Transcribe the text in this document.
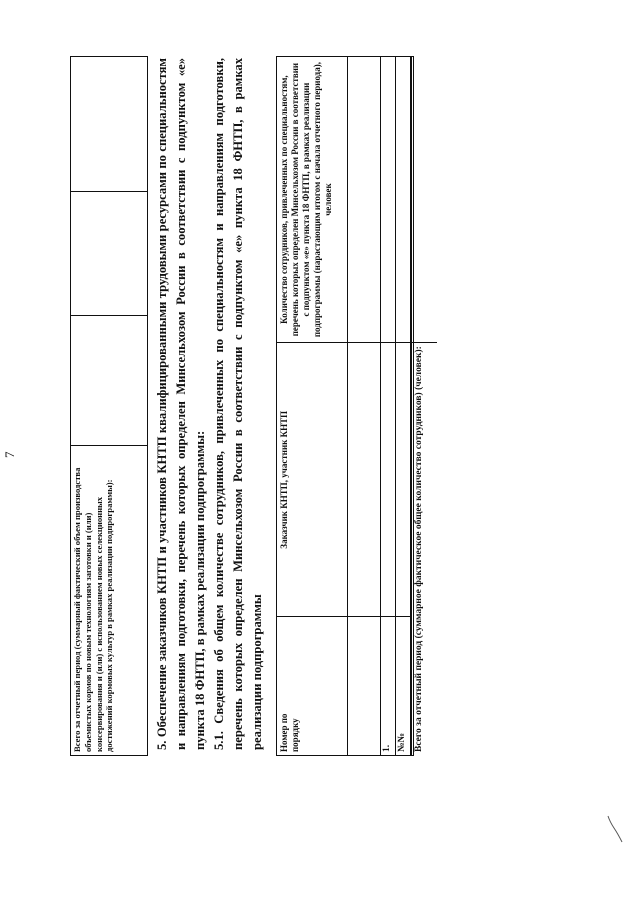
7
Всего за отчетный период (суммарный фактический объем производства объемистых кормов по новым технологиям заготовки и (или) консервирования и (или) с использованием новых селекционных достижений кормовых культур в рамках реализации подпрограммы):	5. Обеспечение заказчиков КНТП и участников КНТП квалифицированными трудовыми ресурсами по специальностям и направлениям подготовки, перечень которых определен Минсельхозом России в соответствии с подпунктом «е» пункта 18 ФНТП, в рамках реализации подпрограммы: 5.1. Сведения об общем количестве сотрудников, привлеченных по специальностям и направлениям подготовки, перечень которых определен Минсельхозом России в соответствии с подпунктом «е» пункта 18 ФНТП, в рамках реализации подпрограммы	Номер по порядку
Заказчик КНТП, участник КНТП
Количество сотрудников, привлеченных по специальностям, перечень которых определен Минсельхозом России в соответствии с подпунктом «е» пункта 18 ФНТП, в рамках реализации подпрограммы (нарастающим итогом с начала отчетного периода), человек
1. №№ Всего за отчетный период (суммарное фактическое общее количество сотрудников) (человек):
